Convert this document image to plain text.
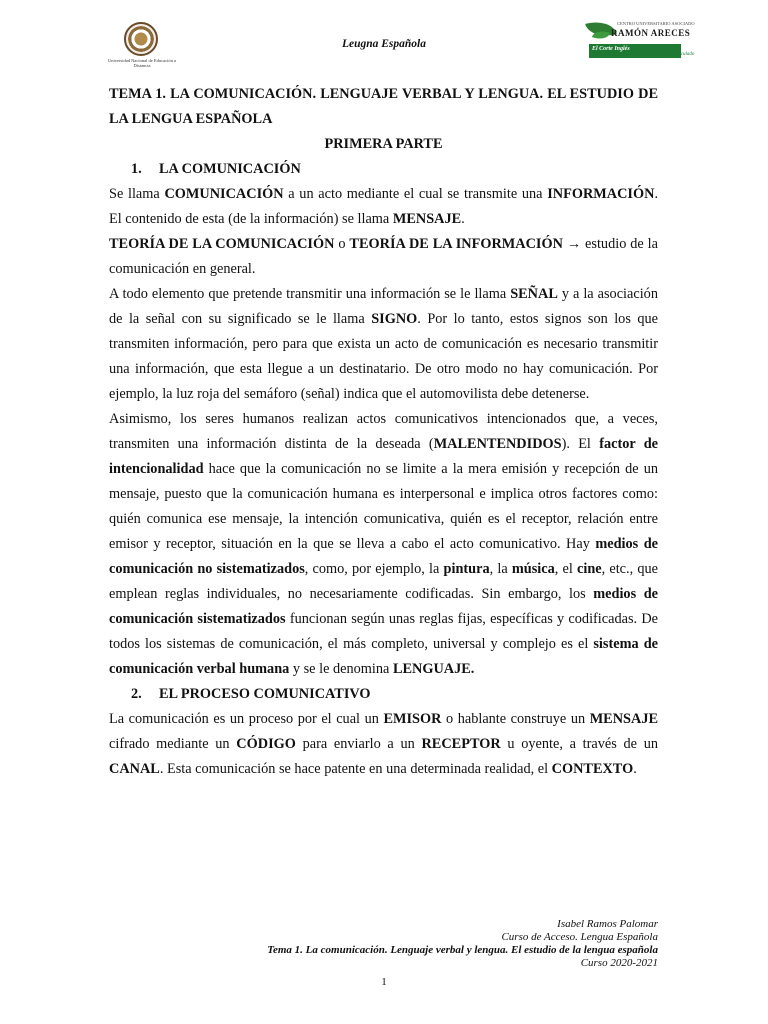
Universidad Nacional de Educación a Distancia
Leugna Española
CENTRO UNIVERSITARIO ASOCIADO
RAMÓN ARECES
El Corte Inglés
Centro Universitario Vinculado

TEMA 1. LA COMUNICACIÓN. LENGUAJE VERBAL Y LENGUA. EL ESTUDIO DE LA LENGUA ESPAÑOLA

PRIMERA PARTE

1. LA COMUNICACIÓN

Se llama COMUNICACIÓN a un acto mediante el cual se transmite una INFORMACIÓN. El contenido de esta (de la información) se llama MENSAJE.

TEORÍA DE LA COMUNICACIÓN o TEORÍA DE LA INFORMACIÓN → estudio de la comunicación en general.

A todo elemento que pretende transmitir una información se le llama SEÑAL y a la asociación de la señal con su significado se le llama SIGNO. Por lo tanto, estos signos son los que transmiten información, pero para que exista un acto de comunicación es necesario transmitir una información, que esta llegue a un destinatario. De otro modo no hay comunicación. Por ejemplo, la luz roja del semáforo (señal) indica que el automovilista debe detenerse.

Asimismo, los seres humanos realizan actos comunicativos intencionados que, a veces, transmiten una información distinta de la deseada (MALENTENDIDOS). El factor de intencionalidad hace que la comunicación no se limite a la mera emisión y recepción de un mensaje, puesto que la comunicación humana es interpersonal e implica otros factores como: quién comunica ese mensaje, la intención comunicativa, quién es el receptor, relación entre emisor y receptor, situación en la que se lleva a cabo el acto comunicativo. Hay medios de comunicación no sistematizados, como, por ejemplo, la pintura, la música, el cine, etc., que emplean reglas individuales, no necesariamente codificadas. Sin embargo, los medios de comunicación sistematizados funcionan según unas reglas fijas, específicas y codificadas. De todos los sistemas de comunicación, el más completo, universal y complejo es el sistema de comunicación verbal humana y se le denomina LENGUAJE.

2. EL PROCESO COMUNICATIVO

La comunicación es un proceso por el cual un EMISOR o hablante construye un MENSAJE cifrado mediante un CÓDIGO para enviarlo a un RECEPTOR u oyente, a través de un CANAL. Esta comunicación se hace patente en una determinada realidad, el CONTEXTO.

Isabel Ramos Palomar
Curso de Acceso. Lengua Española
Tema 1. La comunicación. Lenguaje verbal y lengua. El estudio de la lengua española
Curso 2020-2021
1
